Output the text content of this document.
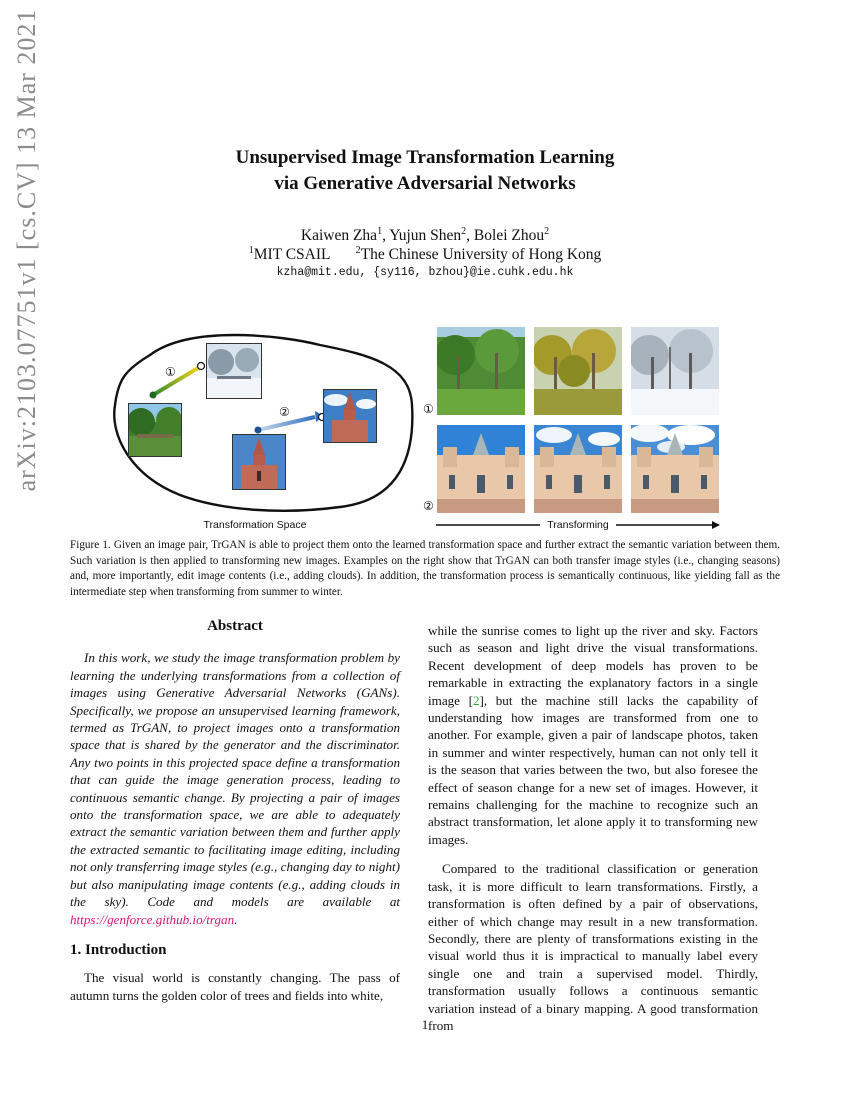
arXiv:2103.07751v1 [cs.CV] 13 Mar 2021	Unsupervised Image Transformation Learning
via Generative Adversarial Networks
Kaiwen Zha$^1$, Yujun Shen$^2$, Bolei Zhou$^2$
$^1$MIT CSAIL	$^2$The Chinese University of Hong Kong
kzha@mit.edu, {sy116, bzhou}@ie.cuhk.edu.hk
①
②	①
②
Transformation Space	Transforming
Figure 1. Given an image pair, TrGAN is able to project them onto the learned transformation space and further extract the semantic variation between them. Such variation is then applied to transforming new images. Examples on the right show that TrGAN can both transfer image styles (i.e., changing seasons) and, more importantly, edit image contents (i.e., adding clouds). In addition, the transformation process is semantically continuous, like yielding fall as the intermediate step when transforming from summer to winter.
Abstract

In this work, we study the image transformation problem by learning the underlying transformations from a collection of images using Generative Adversarial Networks (GANs). Specifically, we propose an unsupervised learning framework, termed as TrGAN, to project images onto a transformation space that is shared by the generator and the discriminator. Any two points in this projected space define a transformation that can guide the image generation process, leading to continuous semantic change. By projecting a pair of images onto the transformation space, we are able to adequately extract the semantic variation between them and further apply the extracted semantic to facilitating image editing, including not only transferring image styles (e.g., changing day to night) but also manipulating image contents (e.g., adding clouds in the sky). Code and models are available at https://genforce.github.io/trgan.

1. Introduction

The visual world is constantly changing. The pass of autumn turns the golden color of trees and fields into white,

while the sunrise comes to light up the river and sky. Factors such as season and light drive the visual transformations. Recent development of deep models has proven to be remarkable in extracting the explanatory factors in a single image [2], but the machine still lacks the capability of understanding how images are transformed from one to another. For example, given a pair of landscape photos, taken in summer and winter respectively, human can not only tell it is the season that varies between the two, but also foresee the effect of season change for a new set of images. However, it remains challenging for the machine to recognize such an abstract transformation, let alone apply it to transforming new images.

Compared to the traditional classification or generation task, it is more difficult to learn transformations. Firstly, a transformation is often defined by a pair of observations, either of which change may result in a new transformation. Secondly, there are plenty of transformations existing in the visual world thus it is impractical to manually label every single one and train a supervised model. Thirdly, transformation usually follows a continuous semantic variation instead of a binary mapping. A good transformation from

1
